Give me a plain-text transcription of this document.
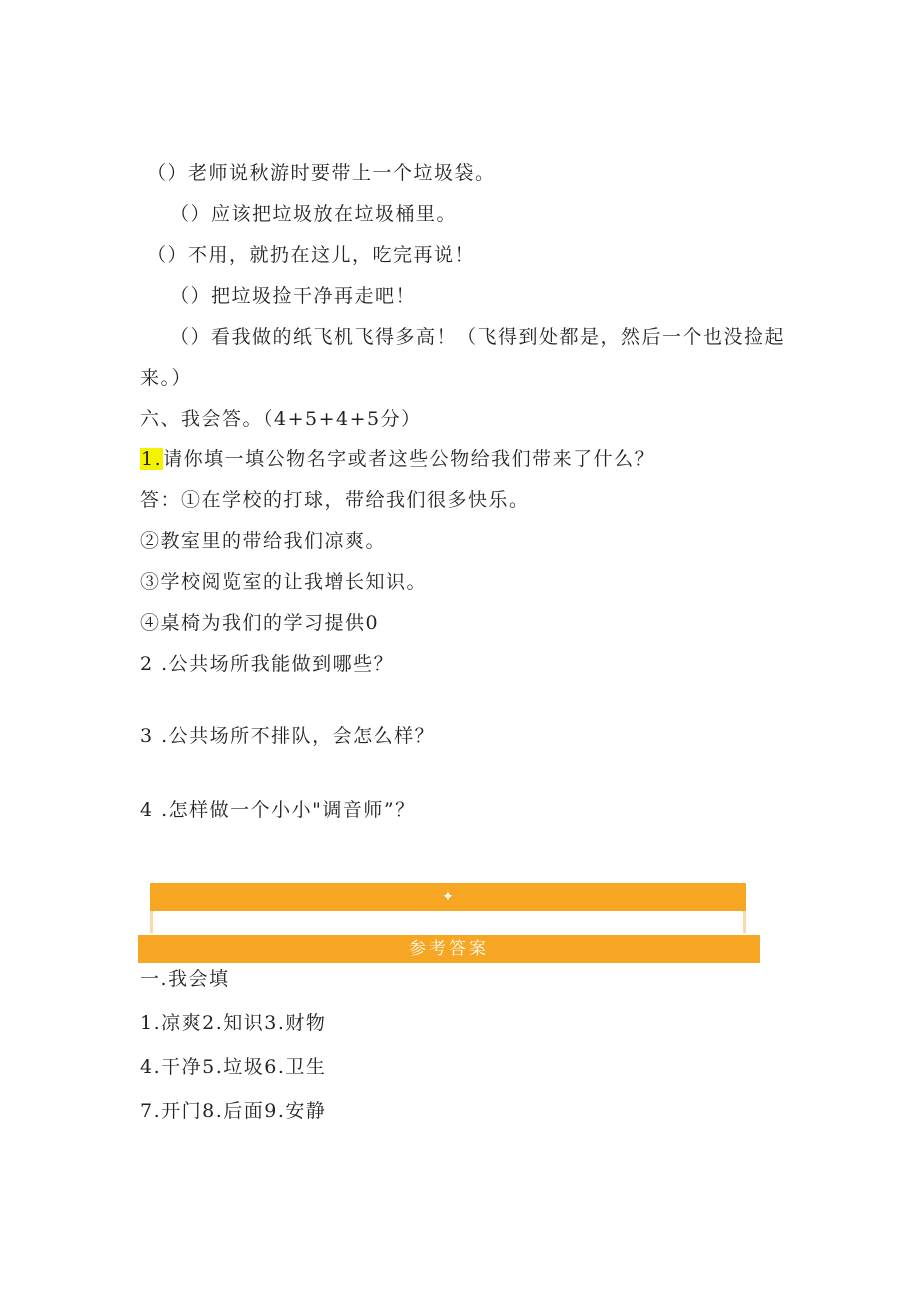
（）老师说秋游时要带上一个垃圾袋。
（）应该把垃圾放在垃圾桶里。
（）不用，就扔在这儿，吃完再说！
（）把垃圾捡干净再走吧！
（）看我做的纸飞机飞得多高！（飞得到处都是，然后一个也没捡起
来。）
六、我会答。（4+5+4+5分）
1.请你填一填公物名字或者这些公物给我们带来了什么？
答：①在学校的打球，带给我们很多快乐。
②教室里的带给我们凉爽。
③学校阅览室的让我增长知识。
④桌椅为我们的学习提供0
2 .公共场所我能做到哪些？
3 .公共场所不排队，会怎么样？
4 .怎样做一个小小"调音师”？
✦
参考答案
一.我会填
1.凉爽2.知识3.财物
4.干净5.垃圾6.卫生
7.开门8.后面9.安静
